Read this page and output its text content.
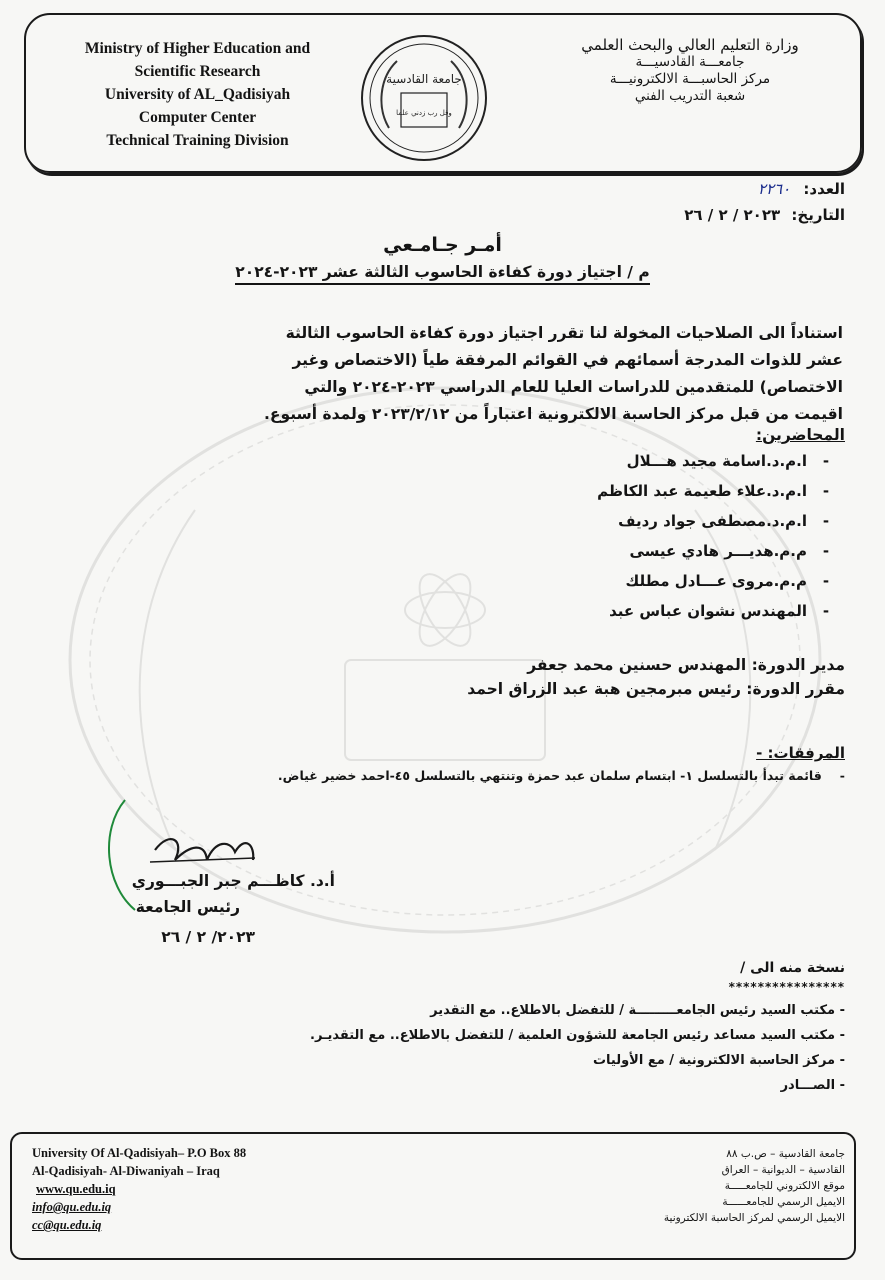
Ministry of Higher Education and
Scientific Research
University of AL_Qadisiyah
Computer Center
Technical Training Division
جامعة القادسية
وقل رب زدني علما
وزارة التعليم العالي والبحث العلمي
جامعـــة القادسيـــة
مركز الحاسبـــة الالكترونيـــة
شعبة التدريب الفني
العدد: ٢٢٦٠
التاريخ: ٢٠٢٣ / ٢ / ٢٦
أمـر جـامـعي
م / اجتياز دورة كفاءة الحاسوب الثالثة عشر ٢٠٢٣-٢٠٢٤
استناداً الى الصلاحيات المخولة لنا تقرر اجتياز دورة كفاءة الحاسوب الثالثة عشر للذوات المدرجة أسمائهم في القوائم المرفقة طياً (الاختصاص وغير الاختصاص) للمتقدمين للدراسات العليا للعام الدراسي ٢٠٢٣-٢٠٢٤ والتي اقيمت من قبل مركز الحاسبة الالكترونية اعتباراً من ٢٠٢٣/٢/١٢ ولمدة أسبوع.
المحاضرين:
-
ا.م.د.اسامة مجيد هـــلال
-
ا.م.د.علاء طعيمة عبد الكاظم
-
ا.م.د.مصطفى جواد رديف
-
م.م.هديـــر هادي عيسى
-
م.م.مروى عـــادل مطلك
-
المهندس نشوان عباس عبد
مدير الدورة: المهندس حسنين محمد جعفر
مقرر الدورة: رئيس مبرمجين هبة عبد الزراق احمد
المرفقات: -
-قائمة تبدأ بالتسلسل ١- ابتسام سلمان عبد حمزة وتنتهي بالتسلسل ٤٥-احمد خضير غياض.
أ.د. كاظـــم جبر الجبـــوري
رئيس الجامعة
٢٠٢٣/ ٢ / ٢٦
نسخة منه الى /
****************
- مكتب السيد رئيس الجامعـــــــــة / للتفضل بالاطلاع.. مع التقدير
- مكتب السيد مساعد رئيس الجامعة للشؤون العلمية / للتفضل بالاطلاع.. مع التقديـر.
- مركز الحاسبة الالكترونية / مع الأوليات
- الصـــادر
University Of Al-Qadisiyah– P.O Box 88
Al-Qadisiyah- Al-Diwaniyah – Iraq
www.qu.edu.iq
info@qu.edu.iq
cc@qu.edu.iq
جامعة القادسية – ص.ب ٨٨
القادسية – الديوانية – العراق
موقع الالكتروني للجامعـــــة
الايميل الرسمي للجامعــــــة
الايميل الرسمي لمركز الحاسبة الالكترونية
